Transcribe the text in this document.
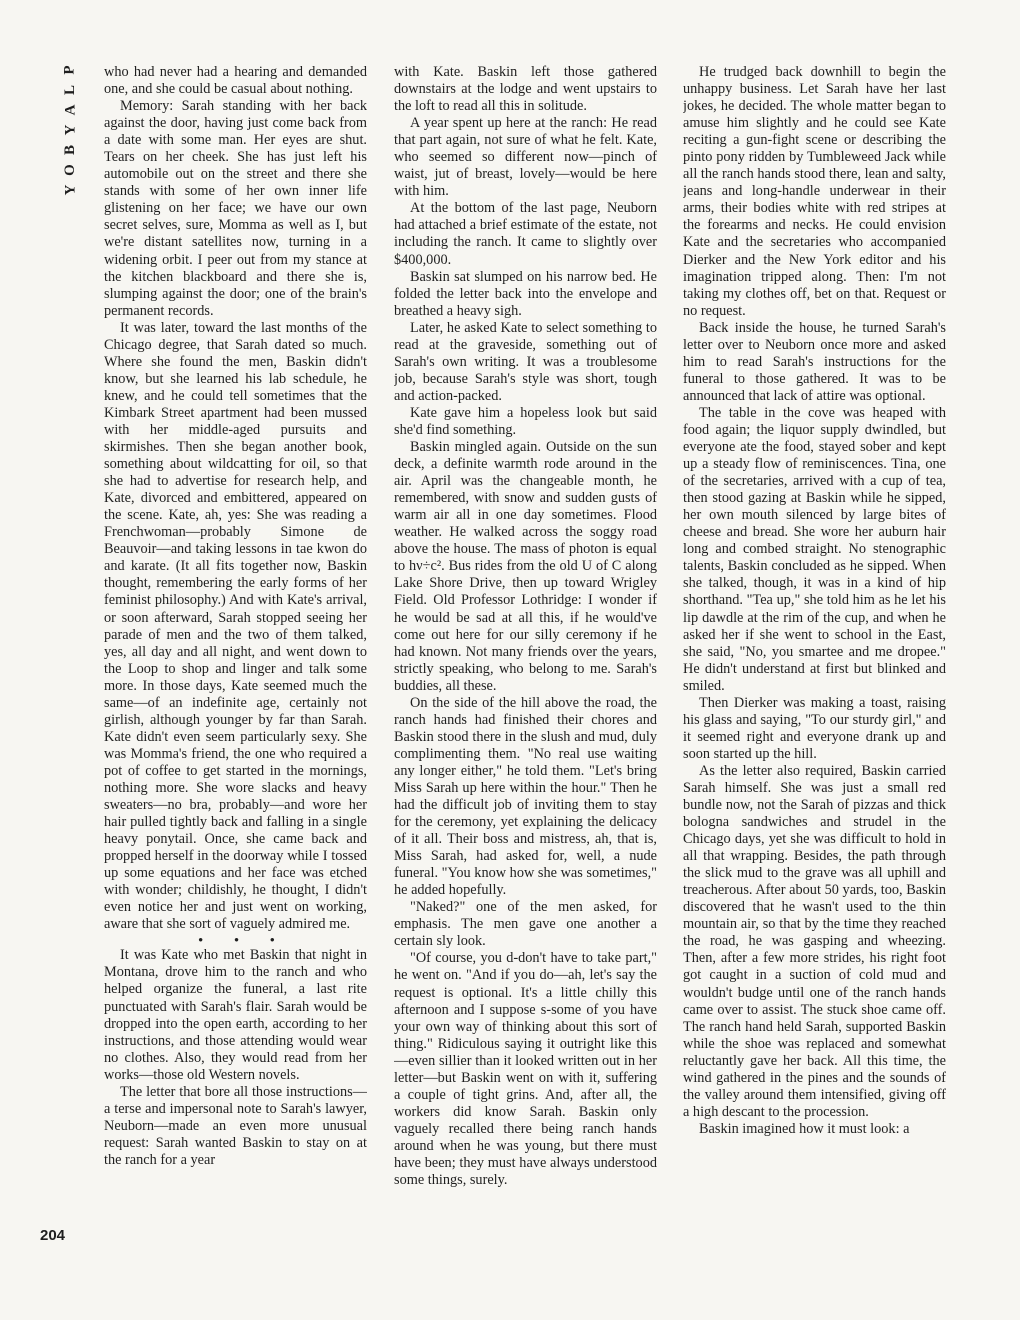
P
L
A
Y
B
O
Y

who had never had a hearing and demanded one, and she could be casual about nothing.

Memory: Sarah standing with her back against the door, having just come back from a date with some man. Her eyes are shut. Tears on her cheek. She has just left his automobile out on the street and there she stands with some of her own inner life glistening on her face; we have our own secret selves, sure, Momma as well as I, but we're distant satellites now, turning in a widening orbit. I peer out from my stance at the kitchen blackboard and there she is, slumping against the door; one of the brain's permanent records.

It was later, toward the last months of the Chicago degree, that Sarah dated so much. Where she found the men, Baskin didn't know, but she learned his lab schedule, he knew, and he could tell sometimes that the Kimbark Street apartment had been mussed with her middle-aged pursuits and skirmishes. Then she began another book, something about wildcatting for oil, so that she had to advertise for research help, and Kate, divorced and embittered, appeared on the scene. Kate, ah, yes: She was reading a Frenchwoman—probably Simone de Beauvoir—and taking lessons in tae kwon do and karate. (It all fits together now, Baskin thought, remembering the early forms of her feminist philosophy.) And with Kate's arrival, or soon afterward, Sarah stopped seeing her parade of men and the two of them talked, yes, all day and all night, and went down to the Loop to shop and linger and talk some more. In those days, Kate seemed much the same—of an indefinite age, certainly not girlish, although younger by far than Sarah. Kate didn't even seem particularly sexy. She was Momma's friend, the one who required a pot of coffee to get started in the mornings, nothing more. She wore slacks and heavy sweaters—no bra, probably—and wore her hair pulled tightly back and falling in a single heavy ponytail. Once, she came back and propped herself in the doorway while I tossed up some equations and her face was etched with wonder; childishly, he thought, I didn't even notice her and just went on working, aware that she sort of vaguely admired me.

• • •

It was Kate who met Baskin that night in Montana, drove him to the ranch and who helped organize the funeral, a last rite punctuated with Sarah's flair. Sarah would be dropped into the open earth, according to her instructions, and those attending would wear no clothes. Also, they would read from her works—those old Western novels.

The letter that bore all those instructions—a terse and impersonal note to Sarah's lawyer, Neuborn—made an even more unusual request: Sarah wanted Baskin to stay on at the ranch for a year

with Kate. Baskin left those gathered downstairs at the lodge and went upstairs to the loft to read all this in solitude.

A year spent up here at the ranch: He read that part again, not sure of what he felt. Kate, who seemed so different now—pinch of waist, jut of breast, lovely—would be here with him.

At the bottom of the last page, Neuborn had attached a brief estimate of the estate, not including the ranch. It came to slightly over $400,000.

Baskin sat slumped on his narrow bed. He folded the letter back into the envelope and breathed a heavy sigh.

Later, he asked Kate to select something to read at the graveside, something out of Sarah's own writing. It was a troublesome job, because Sarah's style was short, tough and action-packed.

Kate gave him a hopeless look but said she'd find something.

Baskin mingled again. Outside on the sun deck, a definite warmth rode around in the air. April was the changeable month, he remembered, with snow and sudden gusts of warm air all in one day sometimes. Flood weather. He walked across the soggy road above the house. The mass of photon is equal to hν÷c². Bus rides from the old U of C along Lake Shore Drive, then up toward Wrigley Field. Old Professor Lothridge: I wonder if he would be sad at all this, if he would've come out here for our silly ceremony if he had known. Not many friends over the years, strictly speaking, who belong to me. Sarah's buddies, all these.

On the side of the hill above the road, the ranch hands had finished their chores and Baskin stood there in the slush and mud, duly complimenting them. "No real use waiting any longer either," he told them. "Let's bring Miss Sarah up here within the hour." Then he had the difficult job of inviting them to stay for the ceremony, yet explaining the delicacy of it all. Their boss and mistress, ah, that is, Miss Sarah, had asked for, well, a nude funeral. "You know how she was sometimes," he added hopefully.

"Naked?" one of the men asked, for emphasis. The men gave one another a certain sly look.

"Of course, you d-don't have to take part," he went on. "And if you do—ah, let's say the request is optional. It's a little chilly this afternoon and I suppose s-some of you have your own way of thinking about this sort of thing." Ridiculous saying it outright like this—even sillier than it looked written out in her letter—but Baskin went on with it, suffering a couple of tight grins. And, after all, the workers did know Sarah. Baskin only vaguely recalled there being ranch hands around when he was young, but there must have been; they must have always understood some things, surely.

He trudged back downhill to begin the unhappy business. Let Sarah have her last jokes, he decided. The whole matter began to amuse him slightly and he could see Kate reciting a gun-fight scene or describing the pinto pony ridden by Tumbleweed Jack while all the ranch hands stood there, lean and salty, jeans and long-handle underwear in their arms, their bodies white with red stripes at the forearms and necks. He could envision Kate and the secretaries who accompanied Dierker and the New York editor and his imagination tripped along. Then: I'm not taking my clothes off, bet on that. Request or no request.

Back inside the house, he turned Sarah's letter over to Neuborn once more and asked him to read Sarah's instructions for the funeral to those gathered. It was to be announced that lack of attire was optional.

The table in the cove was heaped with food again; the liquor supply dwindled, but everyone ate the food, stayed sober and kept up a steady flow of reminiscences. Tina, one of the secretaries, arrived with a cup of tea, then stood gazing at Baskin while he sipped, her own mouth silenced by large bites of cheese and bread. She wore her auburn hair long and combed straight. No stenographic talents, Baskin concluded as he sipped. When she talked, though, it was in a kind of hip shorthand. "Tea up," she told him as he let his lip dawdle at the rim of the cup, and when he asked her if she went to school in the East, she said, "No, you smartee and me dropee." He didn't understand at first but blinked and smiled.

Then Dierker was making a toast, raising his glass and saying, "To our sturdy girl," and it seemed right and everyone drank up and soon started up the hill.

As the letter also required, Baskin carried Sarah himself. She was just a small red bundle now, not the Sarah of pizzas and thick bologna sandwiches and strudel in the Chicago days, yet she was difficult to hold in all that wrapping. Besides, the path through the slick mud to the grave was all uphill and treacherous. After about 50 yards, too, Baskin discovered that he wasn't used to the thin mountain air, so that by the time they reached the road, he was gasping and wheezing. Then, after a few more strides, his right foot got caught in a suction of cold mud and wouldn't budge until one of the ranch hands came over to assist. The stuck shoe came off. The ranch hand held Sarah, supported Baskin while the shoe was replaced and somewhat reluctantly gave her back. All this time, the wind gathered in the pines and the sounds of the valley around them intensified, giving off a high descant to the procession.

Baskin imagined how it must look: a

204
